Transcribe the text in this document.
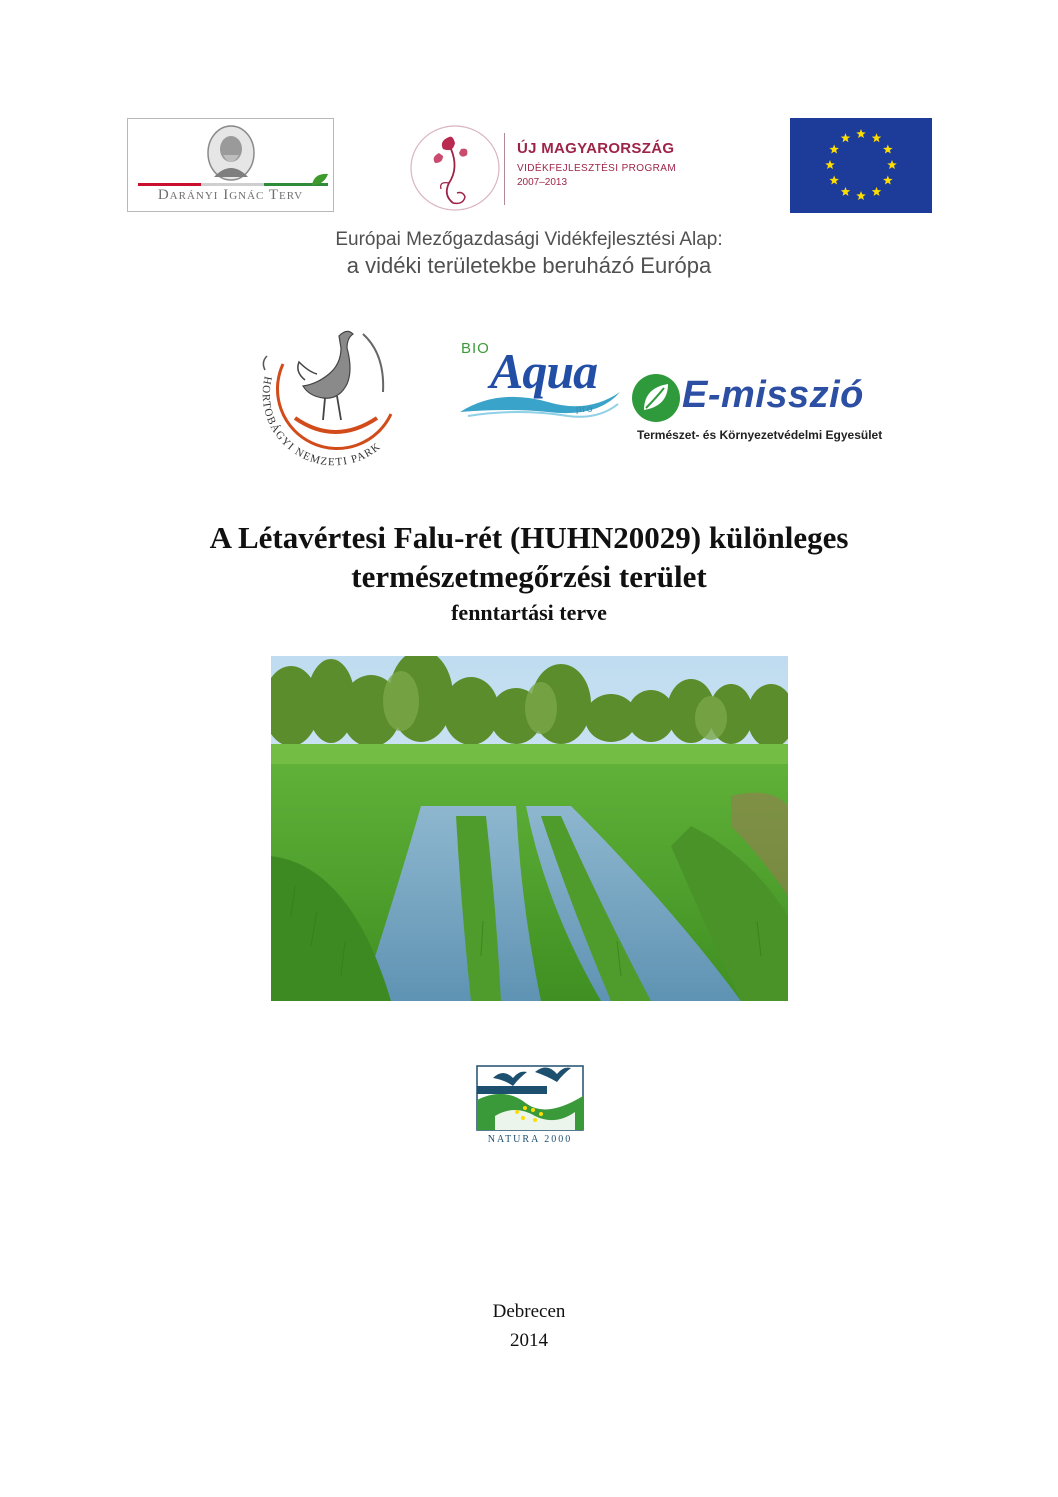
Darányi Ignác Terv
ÚJ MAGYARORSZÁG
VIDÉKFEJLESZTÉSI PROGRAM
2007–2013
Európai Mezőgazdasági Vidékfejlesztési Alap:
a vidéki területekbe beruházó Európa
HORTOBÁGYI NEMZETI PARK
BIO Aqua
pro E-misszió
Természet- és Környezetvédelmi Egyesület
A Létavértesi Falu-rét (HUHN20029) különleges
természetmegőrzési terület
fenntartási terve
NATURA 2000
Debrecen
2014
